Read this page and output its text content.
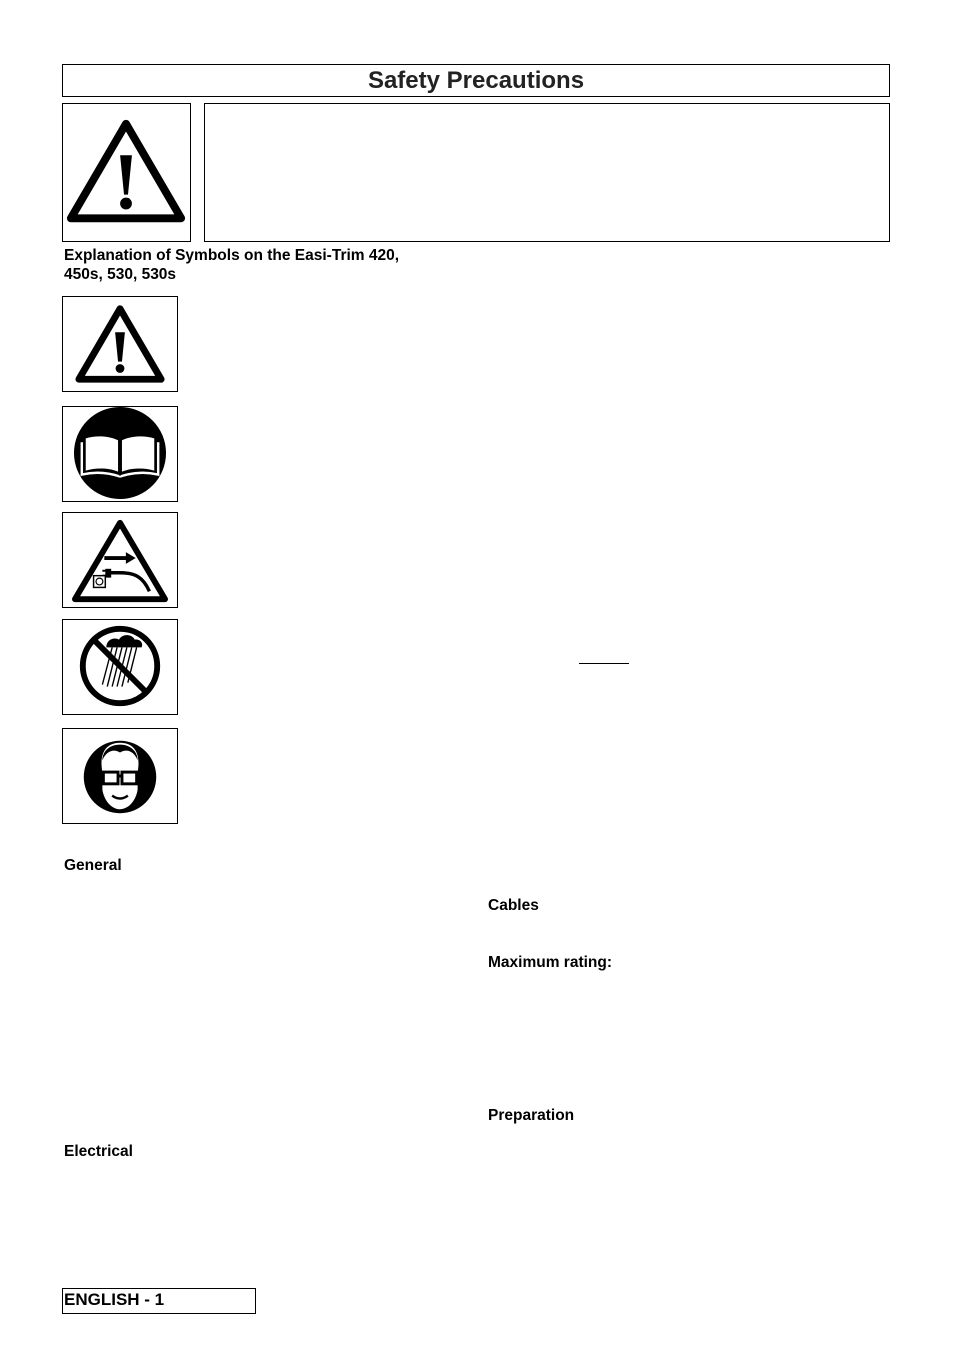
Safety Precautions

Explanation of Symbols on the Easi-Trim 420,
450s, 530, 530s

General

Electrical

Cables

Maximum rating:

Preparation

ENGLISH - 1
